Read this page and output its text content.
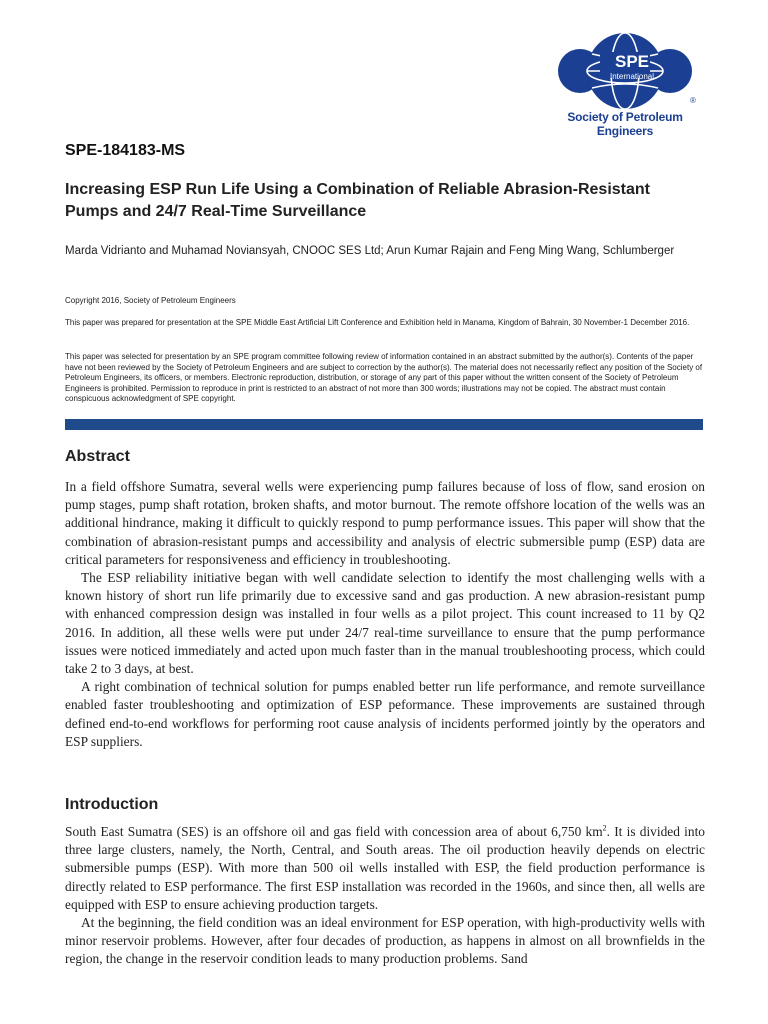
SPE
International
®
Society of Petroleum Engineers
SPE-184183-MS
Increasing ESP Run Life Using a Combination of Reliable Abrasion-Resistant Pumps and 24/7 Real-Time Surveillance
Marda Vidrianto and Muhamad Noviansyah, CNOOC SES Ltd; Arun Kumar Rajain and Feng Ming Wang, Schlumberger

Copyright 2016, Society of Petroleum Engineers

This paper was prepared for presentation at the SPE Middle East Artificial Lift Conference and Exhibition held in Manama, Kingdom of Bahrain, 30 November-1 December 2016.

This paper was selected for presentation by an SPE program committee following review of information contained in an abstract submitted by the author(s). Contents of the paper have not been reviewed by the Society of Petroleum Engineers and are subject to correction by the author(s). The material does not necessarily reflect any position of the Society of Petroleum Engineers, its officers, or members. Electronic reproduction, distribution, or storage of any part of this paper without the written consent of the Society of Petroleum Engineers is prohibited. Permission to reproduce in print is restricted to an abstract of not more than 300 words; illustrations may not be copied. The abstract must contain conspicuous acknowledgment of SPE copyright.

Abstract

In a field offshore Sumatra, several wells were experiencing pump failures because of loss of flow, sand erosion on pump stages, pump shaft rotation, broken shafts, and motor burnout. The remote offshore location of the wells was an additional hindrance, making it difficult to quickly respond to pump performance issues. This paper will show that the combination of abrasion-resistant pumps and accessibility and analysis of electric submersible pump (ESP) data are critical parameters for responsiveness and efficiency in troubleshooting.

The ESP reliability initiative began with well candidate selection to identify the most challenging wells with a known history of short run life primarily due to excessive sand and gas production. A new abrasion-resistant pump with enhanced compression design was installed in four wells as a pilot project. This count increased to 11 by Q2 2016. In addition, all these wells were put under 24/7 real-time surveillance to ensure that the pump performance issues were noticed immediately and acted upon much faster than in the manual troubleshooting process, which could take 2 to 3 days, at best.

A right combination of technical solution for pumps enabled better run life performance, and remote surveillance enabled faster troubleshooting and optimization of ESP peformance. These improvements are sustained through defined end-to-end workflows for performing root cause analysis of incidents performed jointly by the operators and ESP suppliers.

Introduction

South East Sumatra (SES) is an offshore oil and gas field with concession area of about 6,750 $km^2$. It is divided into three large clusters, namely, the North, Central, and South areas. The oil production heavily depends on electric submersible pumps (ESP). With more than 500 oil wells installed with ESP, the field production performance is directly related to ESP performance. The first ESP installation was recorded in the 1960s, and since then, all wells are equipped with ESP to ensure achieving production targets.

At the beginning, the field condition was an ideal environment for ESP operation, with high-productivity wells with minor reservoir problems. However, after four decades of production, as happens in almost on all brownfields in the region, the change in the reservoir condition leads to many production problems. Sand
